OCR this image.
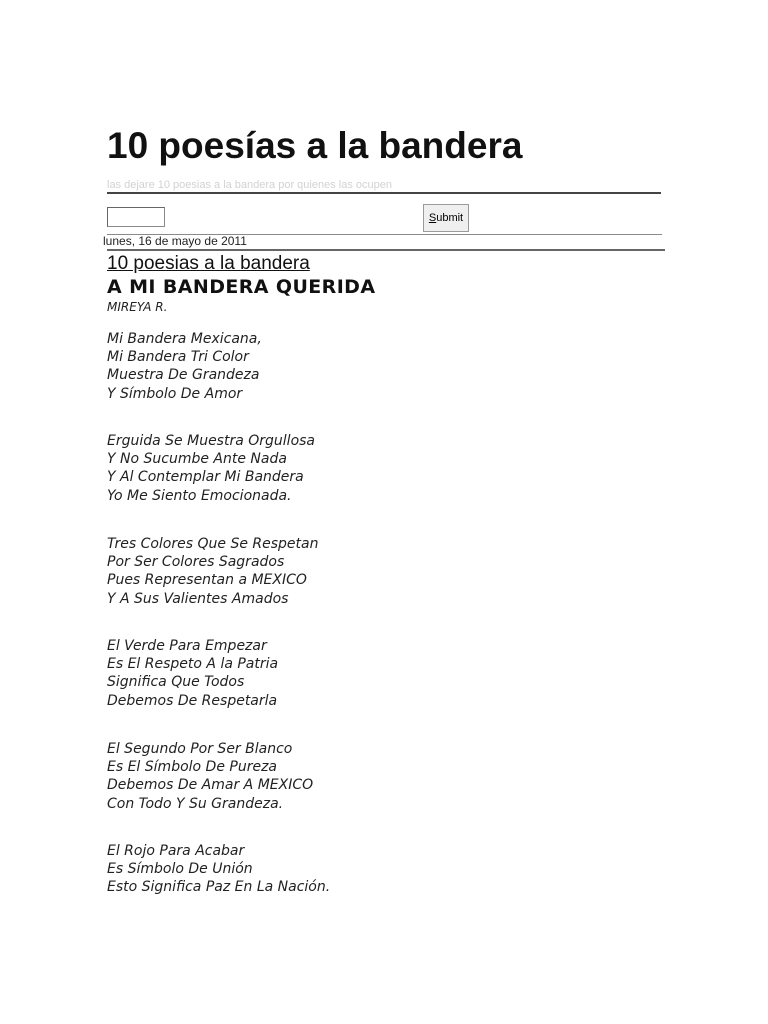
10 poesías a la bandera
las dejare 10 poesias a la bandera por quienes las ocupen
Submit
lunes, 16 de mayo de 2011
10 poesias a la bandera
A MI BANDERA QUERIDA
MIREYA R.
Mi Bandera Mexicana,
Mi Bandera Tri Color
Muestra De Grandeza
Y Símbolo De Amor
Erguida Se Muestra Orgullosa
Y No Sucumbe Ante Nada
Y Al Contemplar Mi Bandera
Yo Me Siento Emocionada.
Tres Colores Que Se Respetan
Por Ser Colores Sagrados
Pues Representan a MEXICO
Y A Sus Valientes Amados
El Verde Para Empezar
Es El Respeto A la Patria
Significa Que Todos
Debemos De Respetarla
El Segundo Por Ser Blanco
Es El Símbolo De Pureza
Debemos De Amar A MEXICO
Con Todo Y Su Grandeza.
El Rojo Para Acabar
Es Símbolo De Unión
Esto Significa Paz En La Nación.
